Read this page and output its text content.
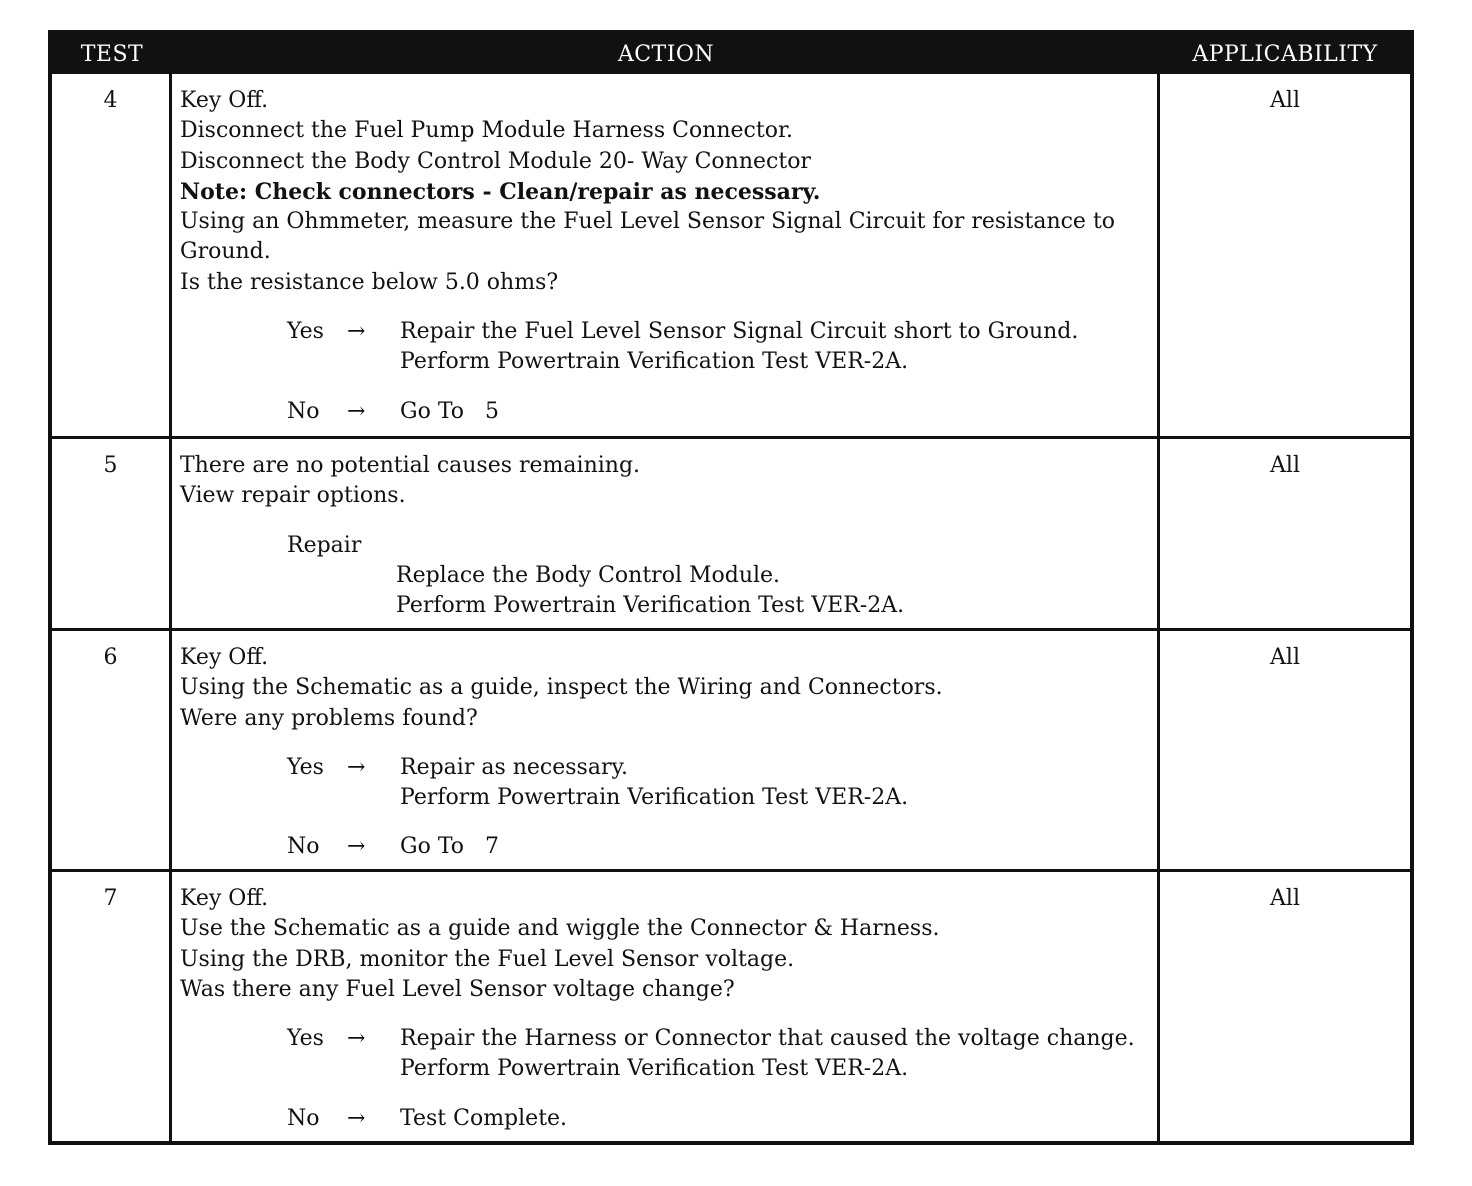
TEST	ACTION	APPLICABILITY
4	Key Off.
Disconnect the Fuel Pump Module Harness Connector.
Disconnect the Body Control Module 20- Way Connector
Note: Check connectors - Clean/repair as necessary.
Using an Ohmmeter, measure the Fuel Level Sensor Signal Circuit for resistance to
Ground.
Is the resistance below 5.0 ohms?
Yes	→	Repair the Fuel Level Sensor Signal Circuit short to Ground.
Perform Powertrain Verification Test VER-2A.
No	→	Go To   5
All
5	There are no potential causes remaining.
View repair options.
Repair
Replace the Body Control Module.
Perform Powertrain Verification Test VER-2A.
All
6	Key Off.
Using the Schematic as a guide, inspect the Wiring and Connectors.
Were any problems found?
Yes	→	Repair as necessary.
Perform Powertrain Verification Test VER-2A.
No	→	Go To   7
All
7	Key Off.
Use the Schematic as a guide and wiggle the Connector & Harness.
Using the DRB, monitor the Fuel Level Sensor voltage.
Was there any Fuel Level Sensor voltage change?
Yes	→	Repair the Harness or Connector that caused the voltage change.
Perform Powertrain Verification Test VER-2A.
No	→	Test Complete.
All
